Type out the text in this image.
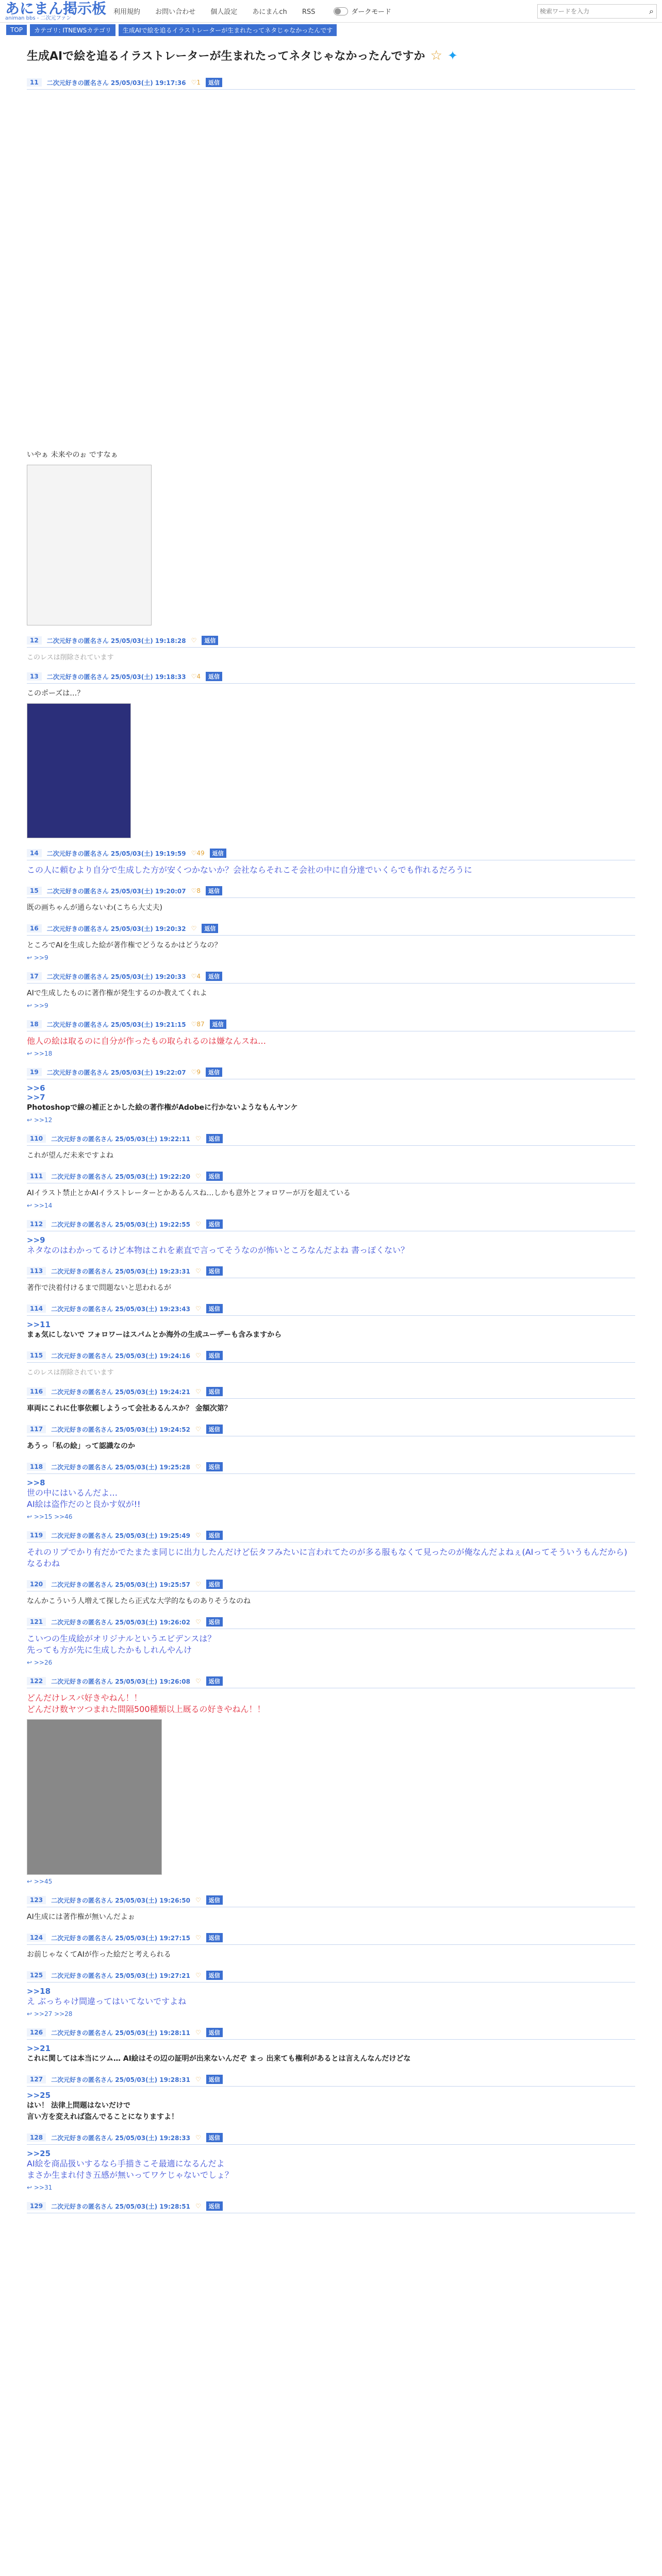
あにまん掲示板
animan bbs - 二次元ファン
利用規約 お問い合わせ 個人設定 あにまんch RSS	ダークモード
検索ワードを入力	⌕
TOP	カテゴリ: ITNEWSカテゴリ	生成AIで絵を追るイラストレーターが生まれたってネタじゃなかったんです
生成AIで絵を追るイラストレーターが生まれたってネタじゃなかったんですか ☆ ✦
11	二次元好きの匿名さん 25/05/03(土) 19:17:36 ♡1	返信
いやぁ 未来やのぉ ですなぁ
12	二次元好きの匿名さん 25/05/03(土) 19:18:28 ♡	返信
このレスは削除されています
13	二次元好きの匿名さん 25/05/03(土) 19:18:33 ♡4	返信
このポーズは…？
14	二次元好きの匿名さん 25/05/03(土) 19:19:59 ♡49	返信
この人に頼むより自分で生成した方が安くつかないか？会社ならそれこそ会社の中に自分達でいくらでも作れるだろうに
15	二次元好きの匿名さん 25/05/03(土) 19:20:07 ♡8	返信
既の画ちゃんが通らないわ(こちら大丈夫)
16	二次元好きの匿名さん 25/05/03(土) 19:20:32 ♡	返信
ところでAIを生成した絵が著作権でどうなるかはどうなの？
↩ >>9
17	二次元好きの匿名さん 25/05/03(土) 19:20:33 ♡4	返信
AIで生成したものに著作権が発生するのか教えてくれよ
↩ >>9
18	二次元好きの匿名さん 25/05/03(土) 19:21:15 ♡87	返信
他人の絵は取るのに自分が作ったもの取られるのは嫌なんスね…
↩ >>18
19	二次元好きの匿名さん 25/05/03(土) 19:22:07 ♡9	返信
>>6
>>7
Photoshopで線の補正とかした絵の著作権がAdobeに行かないようなもんヤンケ
↩ >>12
110	二次元好きの匿名さん 25/05/03(土) 19:22:11 ♡	返信
これが望んだ未来ですよね
111	二次元好きの匿名さん 25/05/03(土) 19:22:20 ♡	返信
AIイラスト禁止とかAIイラストレーターとかあるんスね…しかも意外とフォロワーが万を超えている
↩ >>14
112	二次元好きの匿名さん 25/05/03(土) 19:22:55 ♡	返信
>>9
ネタなのはわかってるけど本物はこれを素直で言ってそうなのが怖いところなんだよね 書っぽくない？
113	二次元好きの匿名さん 25/05/03(土) 19:23:31 ♡	返信
著作で決着付けるまで問題ないと思われるが
114	二次元好きの匿名さん 25/05/03(土) 19:23:43 ♡	返信
>>11
まぁ気にしないで フォロワーはスパムとか海外の生成ユーザーも含みますから
115	二次元好きの匿名さん 25/05/03(土) 19:24:16 ♡	返信
このレスは削除されています
116	二次元好きの匿名さん 25/05/03(土) 19:24:21 ♡	返信
車両にこれに仕事依頼しようって会社あるんスか？ 金額次第？
117	二次元好きの匿名さん 25/05/03(土) 19:24:52 ♡	返信
あうっ「私の絵」って認識なのか
118	二次元好きの匿名さん 25/05/03(土) 19:25:28 ♡	返信
>>8
世の中にはいるんだよ…
AI絵は盗作だのと良かす奴が!!
↩ >>15 >>46
119	二次元好きの匿名さん 25/05/03(土) 19:25:49 ♡	返信
それのリプでかり有だかでたまたま同じに出力したんだけど伝タフみたいに言われてたのが多る服もなくて見ったのが俺なんだよねぇ(AIってそういうもんだから) なるわね
120	二次元好きの匿名さん 25/05/03(土) 19:25:57 ♡	返信
なんかこういう人増えて探したら正式な大学的なものありそうなのね
121	二次元好きの匿名さん 25/05/03(土) 19:26:02 ♡	返信
こいつの生成絵がオリジナルというエビデンスは？
先っても方が先に生成したかもしれんやんけ
↩ >>26
122	二次元好きの匿名さん 25/05/03(土) 19:26:08 ♡	返信
どんだけレスバ好きやねん！！
どんだけ数ヤツつまれた間隔500種類以上厩るの好きやねん！！
↩ >>45
123	二次元好きの匿名さん 25/05/03(土) 19:26:50 ♡	返信
AI生成には著作権が無いんだよぉ
124	二次元好きの匿名さん 25/05/03(土) 19:27:15 ♡	返信
お前じゃなくてAIが作った絵だと考えられる
125	二次元好きの匿名さん 25/05/03(土) 19:27:21 ♡	返信
>>18
え ぶっちゃけ間違ってはいてないですよね
↩ >>27 >>28
126	二次元好きの匿名さん 25/05/03(土) 19:28:11 ♡	返信
>>21
これに関しては本当にツム… AI絵はその辺の証明が出来ないんだぞ まっ 出来ても権利があるとは言えんなんだけどな
127	二次元好きの匿名さん 25/05/03(土) 19:28:31 ♡	返信
>>25
はい！ 法律上問題はないだけで
言い方を変えれば盗んでることになりますよ！
128	二次元好きの匿名さん 25/05/03(土) 19:28:33 ♡	返信
>>25
AI絵を商品扱いするなら手描きこそ最適になるんだよ
まさか生まれ付き五感が無いってワケじゃないでしょ？
↩ >>31
129	二次元好きの匿名さん 25/05/03(土) 19:28:51 ♡	返信
